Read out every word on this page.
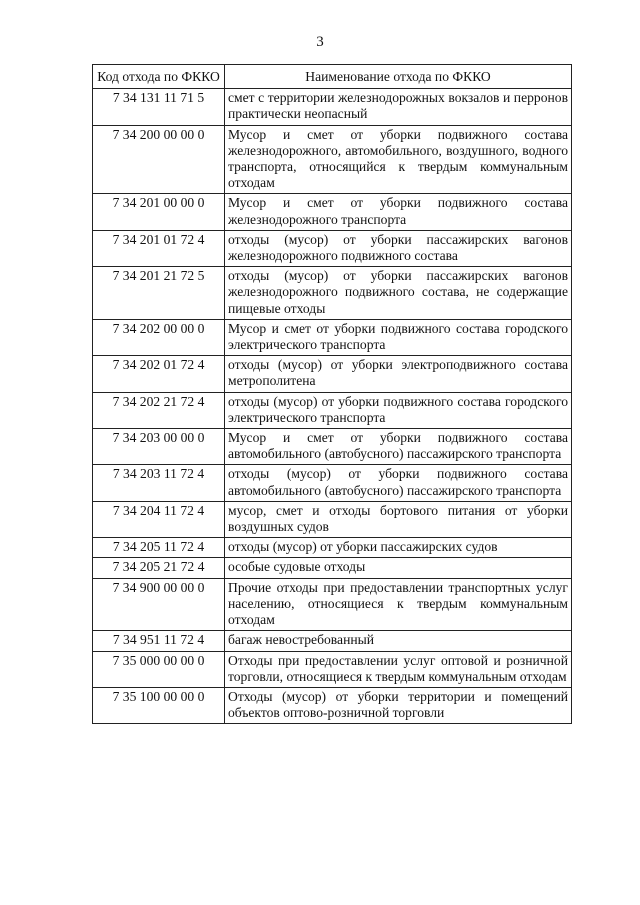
3
Код отхода по ФККО	Наименование отхода по ФККО
7 34 131 11 71 5	смет с территории железнодорожных вокзалов и перронов практически неопасный
7 34 200 00 00 0	Мусор и смет от уборки подвижного состава железнодорожного, автомобильного, воздушного, водного транспорта, относящийся к твердым коммунальным отходам
7 34 201 00 00 0	Мусор и смет от уборки подвижного состава железнодорожного транспорта
7 34 201 01 72 4	отходы (мусор) от уборки пассажирских вагонов железнодорожного подвижного состава
7 34 201 21 72 5	отходы (мусор) от уборки пассажирских вагонов железнодорожного подвижного состава, не содержащие пищевые отходы
7 34 202 00 00 0	Мусор и смет от уборки подвижного состава городского электрического транспорта
7 34 202 01 72 4	отходы (мусор) от уборки электроподвижного состава метрополитена
7 34 202 21 72 4	отходы (мусор) от уборки подвижного состава городского электрического транспорта
7 34 203 00 00 0	Мусор и смет от уборки подвижного состава автомобильного (автобусного) пассажирского транспорта
7 34 203 11 72 4	отходы (мусор) от уборки подвижного состава автомобильного (автобусного) пассажирского транспорта
7 34 204 11 72 4	мусор, смет и отходы бортового питания от уборки воздушных судов
7 34 205 11 72 4	отходы (мусор) от уборки пассажирских судов
7 34 205 21 72 4	особые судовые отходы
7 34 900 00 00 0	Прочие отходы при предоставлении транспортных услуг населению, относящиеся к твердым коммунальным отходам
7 34 951 11 72 4	багаж невостребованный
7 35 000 00 00 0	Отходы при предоставлении услуг оптовой и розничной торговли, относящиеся к твердым коммунальным отходам
7 35 100 00 00 0	Отходы (мусор) от уборки территории и помещений объектов оптово-розничной торговли
